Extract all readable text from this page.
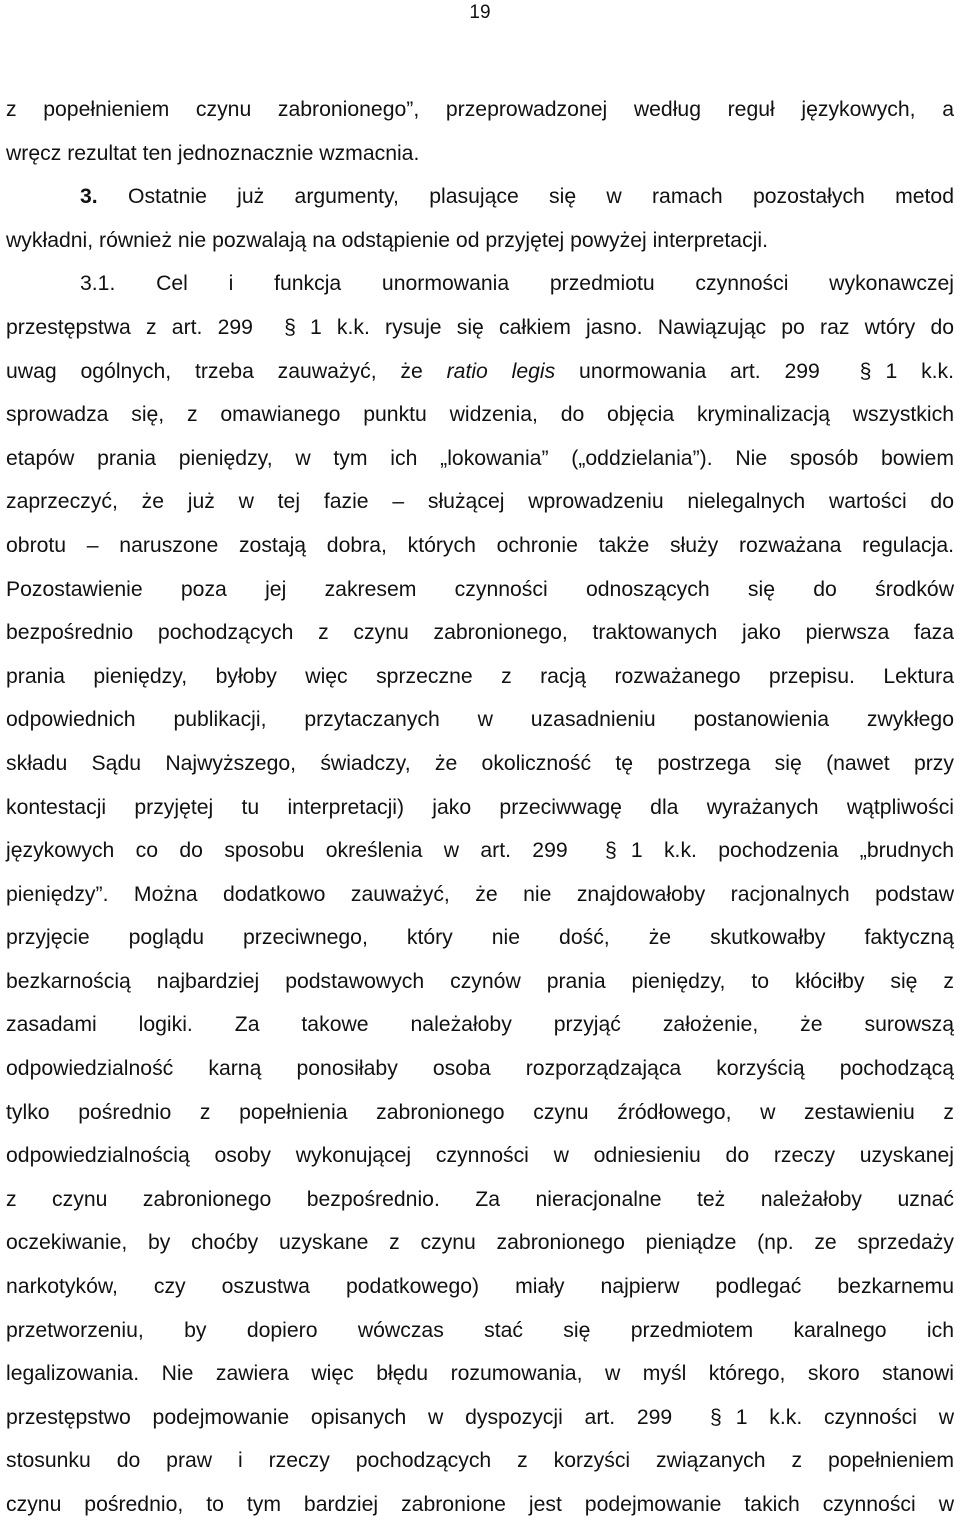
19

z popełnieniem czynu zabronionego”, przeprowadzonej według reguł językowych, a

wręcz rezultat ten jednoznacznie wzmacnia.

3. Ostatnie już argumenty, plasujące się w ramach pozostałych metod

wykładni, również nie pozwalają na odstąpienie od przyjętej powyżej interpretacji.

3.1. Cel i funkcja unormowania przedmiotu czynności wykonawczej

przestępstwa z art. 299 § 1 k.k. rysuje się całkiem jasno. Nawiązując po raz wtóry do

uwag ogólnych, trzeba zauważyć, że ratio legis unormowania art. 299 § 1 k.k.

sprowadza się, z omawianego punktu widzenia, do objęcia kryminalizacją wszystkich

etapów prania pieniędzy, w tym ich „lokowania” („oddzielania”). Nie sposób bowiem

zaprzeczyć, że już w tej fazie – służącej wprowadzeniu nielegalnych wartości do

obrotu – naruszone zostają dobra, których ochronie także służy rozważana regulacja.

Pozostawienie poza jej zakresem czynności odnoszących się do środków

bezpośrednio pochodzących z czynu zabronionego, traktowanych jako pierwsza faza

prania pieniędzy, byłoby więc sprzeczne z racją rozważanego przepisu. Lektura

odpowiednich publikacji, przytaczanych w uzasadnieniu postanowienia zwykłego

składu Sądu Najwyższego, świadczy, że okoliczność tę postrzega się (nawet przy

kontestacji przyjętej tu interpretacji) jako przeciwwagę dla wyrażanych wątpliwości

językowych co do sposobu określenia w art. 299 § 1 k.k. pochodzenia „brudnych

pieniędzy”. Można dodatkowo zauważyć, że nie znajdowałoby racjonalnych podstaw

przyjęcie poglądu przeciwnego, który nie dość, że skutkowałby faktyczną

bezkarnością najbardziej podstawowych czynów prania pieniędzy, to kłóciłby się z

zasadami logiki. Za takowe należałoby przyjąć założenie, że surowszą

odpowiedzialność karną ponosiłaby osoba rozporządzająca korzyścią pochodzącą

tylko pośrednio z popełnienia zabronionego czynu źródłowego, w zestawieniu z

odpowiedzialnością osoby wykonującej czynności w odniesieniu do rzeczy uzyskanej

z czynu zabronionego bezpośrednio. Za nieracjonalne też należałoby uznać

oczekiwanie, by choćby uzyskane z czynu zabronionego pieniądze (np. ze sprzedaży

narkotyków, czy oszustwa podatkowego) miały najpierw podlegać bezkarnemu

przetworzeniu, by dopiero wówczas stać się przedmiotem karalnego ich

legalizowania. Nie zawiera więc błędu rozumowania, w myśl którego, skoro stanowi

przestępstwo podejmowanie opisanych w dyspozycji art. 299 § 1 k.k. czynności w

stosunku do praw i rzeczy pochodzących z korzyści związanych z popełnieniem

czynu pośrednio, to tym bardziej zabronione jest podejmowanie takich czynności w
